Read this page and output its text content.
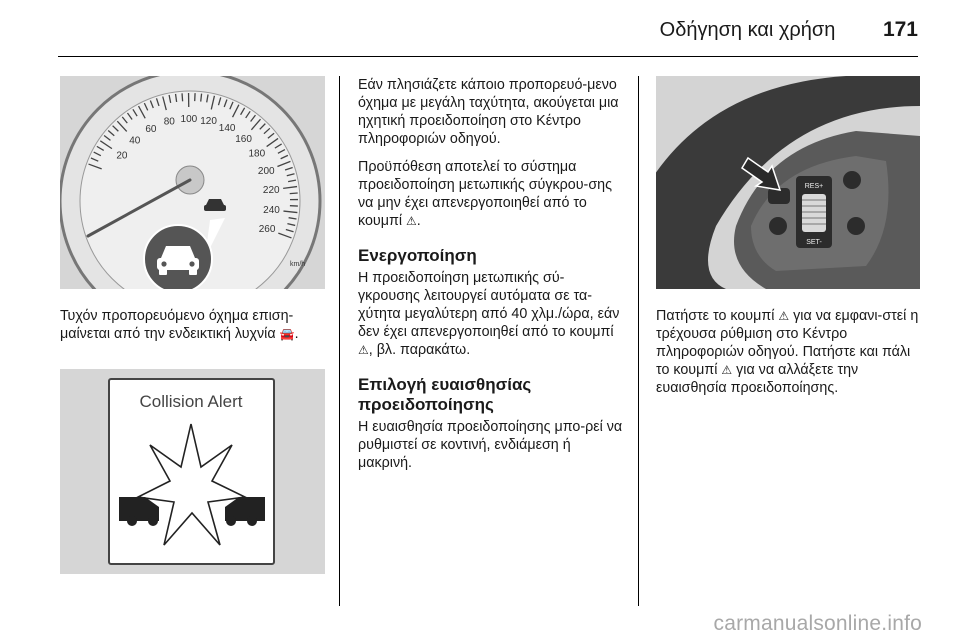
Οδήγηση και χρήση 171
20
40
60
80 100 120
140
160
180
200
220
240
260
km/h

Τυχόν προπορευόμενο όχημα επιση-μαίνεται από την ενδεικτική λυχνία 🚘.

Collision Alert

Εάν πλησιάζετε κάποιο προπορευό-μενο όχημα με μεγάλη ταχύτητα, ακούγεται μια ηχητική προειδοποίηση στο Κέντρο πληροφοριών οδηγού.

Προϋπόθεση αποτελεί το σύστημα προειδοποίηση μετωπικής σύγκρου-σης να μην έχει απενεργοποιηθεί από το κουμπί ⚠.

Ενεργοποίηση

Η προειδοποίηση μετωπικής σύ-γκρουσης λειτουργεί αυτόματα σε τα-χύτητα μεγαλύτερη από 40 χλμ./ώρα, εάν δεν έχει απενεργοποιηθεί από το κουμπί ⚠, βλ. παρακάτω.

Επιλογή ευαισθησίας προειδοποίησης

Η ευαισθησία προειδοποίησης μπο-ρεί να ρυθμιστεί σε κοντινή, ενδιάμεση ή μακρινή.

RES+
SET-

Πατήστε το κουμπί ⚠ για να εμφανι-στεί η τρέχουσα ρύθμιση στο Κέντρο πληροφοριών οδηγού. Πατήστε και πάλι το κουμπί ⚠ για να αλλάξετε την ευαισθησία προειδοποίησης.

carmanualsonline.info
